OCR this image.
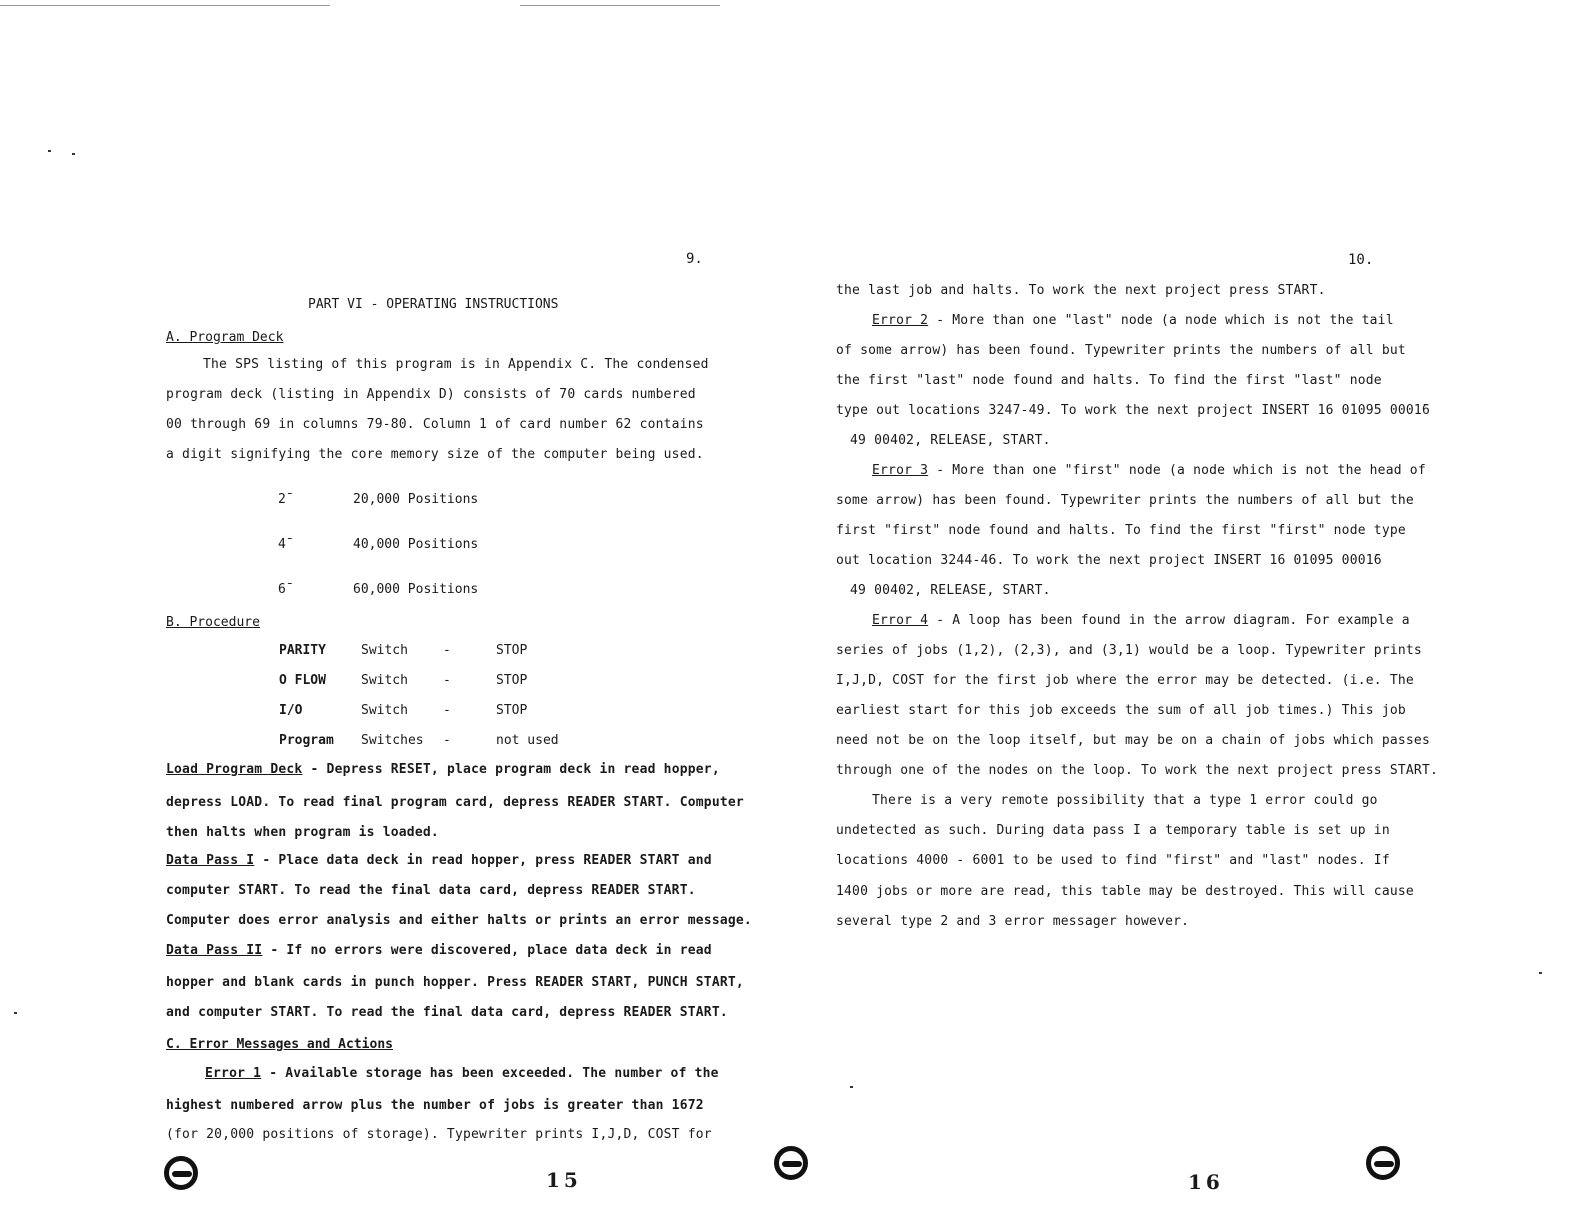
9.
PART VI - OPERATING INSTRUCTIONS
A. Program Deck
The SPS listing of this program is in Appendix C. The condensed
program deck (listing in Appendix D) consists of 70 cards numbered
00 through 69 in columns 79-80. Column 1 of card number 62 contains
a digit signifying the core memory size of the computer being used.
2̄	20,000 Positions
4̄	40,000 Positions
6̄	60,000 Positions
B. Procedure
PARITY	Switch	-	STOP
O FLOW	Switch	-	STOP
I/O	Switch	-	STOP
Program Switches -	not used
Load Program Deck - Depress RESET, place program deck in read hopper,
depress LOAD. To read final program card, depress READER START. Computer
then halts when program is loaded.
Data Pass I - Place data deck in read hopper, press READER START and
computer START. To read the final data card, depress READER START.
Computer does error analysis and either halts or prints an error message.
Data Pass II - If no errors were discovered, place data deck in read
hopper and blank cards in punch hopper. Press READER START, PUNCH START,
and computer START. To read the final data card, depress READER START.
C. Error Messages and Actions
Error 1 - Available storage has been exceeded. The number of the
highest numbered arrow plus the number of jobs is greater than 1672
(for 20,000 positions of storage). Typewriter prints I,J,D, COST for
15
10.
the last job and halts. To work the next project press START.
Error 2 - More than one "last" node (a node which is not the tail
of some arrow) has been found. Typewriter prints the numbers of all but
the first "last" node found and halts. To find the first "last" node
type out locations 3247-49. To work the next project INSERT 16 01095 0001̄6
49 00402, RELEASE, START.
Error 3 - More than one "first" node (a node which is not the head of
some arrow) has been found. Typewriter prints the numbers of all but the
first "first" node found and halts. To find the first "first" node type
out location 3244-46. To work the next project INSERT 16 01095 0001̄6
49 00402, RELEASE, START.
Error 4 - A loop has been found in the arrow diagram. For example a
series of jobs (1,2), (2,3), and (3,1) would be a loop. Typewriter prints
I,J,D, COST for the first job where the error may be detected. (i.e. The
earliest start for this job exceeds the sum of all job times.) This job
need not be on the loop itself, but may be on a chain of jobs which passes
through one of the nodes on the loop. To work the next project press START.
There is a very remote possibility that a type 1 error could go
undetected as such. During data pass I a temporary table is set up in
locations 4000 - 6001 to be used to find "first" and "last" nodes. If
1400 jobs or more are read, this table may be destroyed. This will cause
several type 2 and 3 error messager however.
16
